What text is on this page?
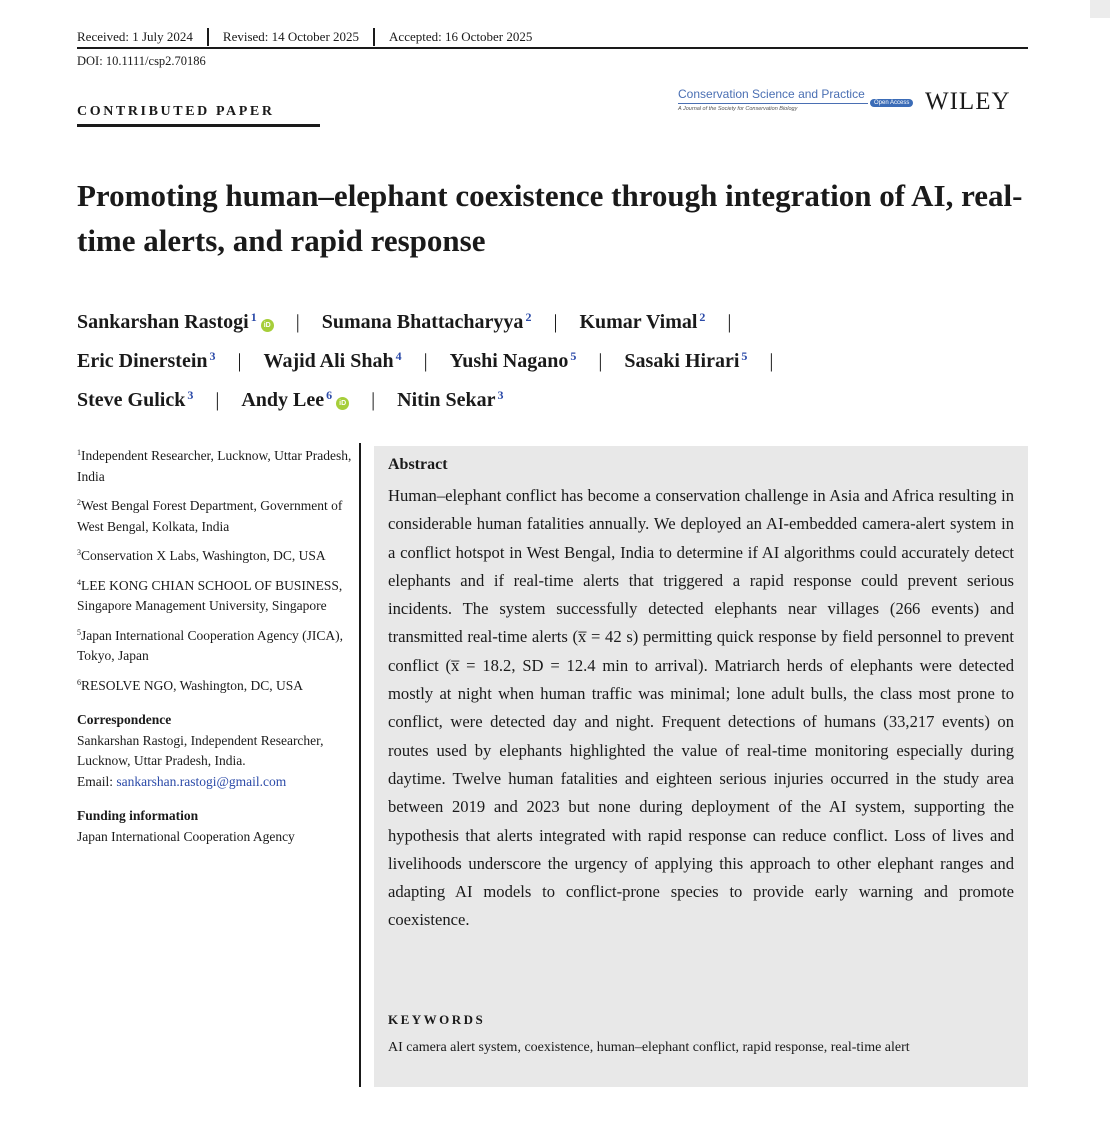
Received: 1 July 2024	Revised: 14 October 2025	Accepted: 16 October 2025
DOI: 10.1111/csp2.70186
CONTRIBUTED PAPER
Conservation Science and Practice
Open Access
A Journal of the Society for Conservation Biology	WILEY
Promoting human–elephant coexistence through integration of AI, real-time alerts, and rapid response
Sankarshan Rastogi $^1$iD | Sumana Bhattacharyya $^2$ | Kumar Vimal $^2$ |
Eric Dinerstein $^3$ | Wajid Ali Shah $^4$ | Yushi Nagano $^5$ | Sasaki Hirari $^5$ |
Steve Gulick $^3$ | Andy Lee $^6$iD | Nitin Sekar $^3$
$^1$Independent Researcher, Lucknow, Uttar Pradesh, India
$^2$West Bengal Forest Department, Government of West Bengal, Kolkata, India
$^3$Conservation X Labs, Washington, DC, USA
$^4$LEE KONG CHIAN SCHOOL OF BUSINESS, Singapore Management University, Singapore
$^5$Japan International Cooperation Agency (JICA), Tokyo, Japan
$^6$RESOLVE NGO, Washington, DC, USA
Correspondence
Sankarshan Rastogi, Independent Researcher, Lucknow, Uttar Pradesh, India.
Email: sankarshan.rastogi@gmail.com
Funding information
Japan International Cooperation Agency
Abstract
Human–elephant conflict has become a conservation challenge in Asia and Africa resulting in considerable human fatalities annually. We deployed an AI-embedded camera-alert system in a conflict hotspot in West Bengal, India to determine if AI algorithms could accurately detect elephants and if real-time alerts that triggered a rapid response could prevent serious incidents. The system successfully detected elephants near villages (266 events) and transmitted real-time alerts (x̅ = 42 s) permitting quick response by field personnel to prevent conflict (x̅ = 18.2, SD = 12.4 min to arrival). Matriarch herds of elephants were detected mostly at night when human traffic was minimal; lone adult bulls, the class most prone to conflict, were detected day and night. Frequent detections of humans (33,217 events) on routes used by elephants highlighted the value of real-time monitoring especially during daytime. Twelve human fatalities and eighteen serious injuries occurred in the study area between 2019 and 2023 but none during deployment of the AI system, supporting the hypothesis that alerts integrated with rapid response can reduce conflict. Loss of lives and livelihoods underscore the urgency of applying this approach to other elephant ranges and adapting AI models to conflict-prone species to provide early warning and promote coexistence.
KEYWORDS
AI camera alert system, coexistence, human–elephant conflict, rapid response, real-time alert
